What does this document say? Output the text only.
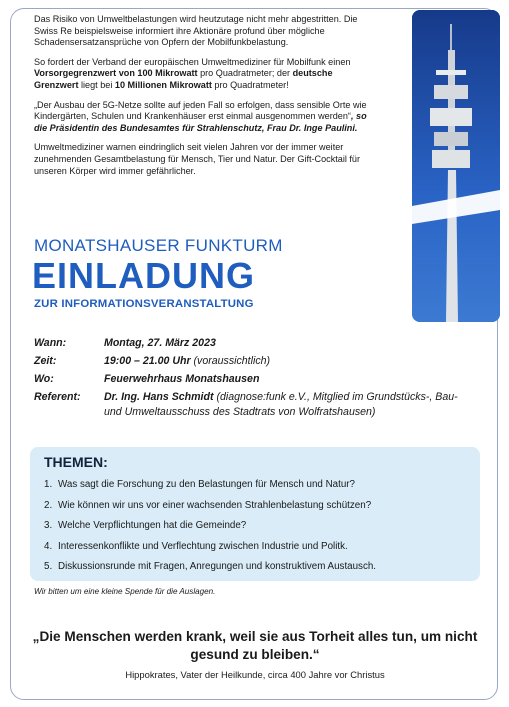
Das Risiko von Umweltbelastungen wird heutzutage nicht mehr abgestritten. Die Swiss Re beispielsweise informiert ihre Aktionäre profund über mögliche Schadensersatzansprüche von Opfern der Mobilfunkbelastung.

So fordert der Verband der europäischen Umweltmediziner für Mobilfunk einen Vorsorgegrenzwert von 100 Mikrowatt pro Quadratmeter; der deutsche Grenzwert liegt bei 10 Millionen Mikrowatt pro Quadratmeter!

„Der Ausbau der 5G-Netze sollte auf jeden Fall so erfolgen, dass sensible Orte wie Kindergärten, Schulen und Krankenhäuser erst einmal ausgenommen werden“, so die Präsidentin des Bundesamtes für Strahlenschutz, Frau Dr. Inge Paulini.

Umweltmediziner warnen eindringlich seit vielen Jahren vor der immer weiter zunehmenden Gesamtbelastung für Mensch, Tier und Natur. Der Gift-Cocktail für unseren Körper wird immer gefährlicher.

MONATSHAUSER FUNKTURM
EINLADUNG
ZUR INFORMATIONSVERANSTALTUNG
Wann:	Montag, 27. März 2023
Zeit:	19:00 – 21.00 Uhr (voraussichtlich)
Wo:	Feuerwehrhaus Monatshausen
Referent:	Dr. Ing. Hans Schmidt (diagnose:funk e.V., Mitglied im Grundstücks-, Bau- und Umweltausschuss des Stadtrats von Wolfratshausen)
THEMEN:
1. Was sagt die Forschung zu den Belastungen für Mensch und Natur?
2. Wie können wir uns vor einer wachsenden Strahlenbelastung schützen?
3. Welche Verpflichtungen hat die Gemeinde?
4. Interessenkonflikte und Verflechtung zwischen Industrie und Politk.
5. Diskussionsrunde mit Fragen, Anregungen und konstruktivem Austausch.
Wir bitten um eine kleine Spende für die Auslagen.
„Die Menschen werden krank, weil sie aus Torheit alles tun, um nicht gesund zu bleiben.“
Hippokrates, Vater der Heilkunde, circa 400 Jahre vor Christus
